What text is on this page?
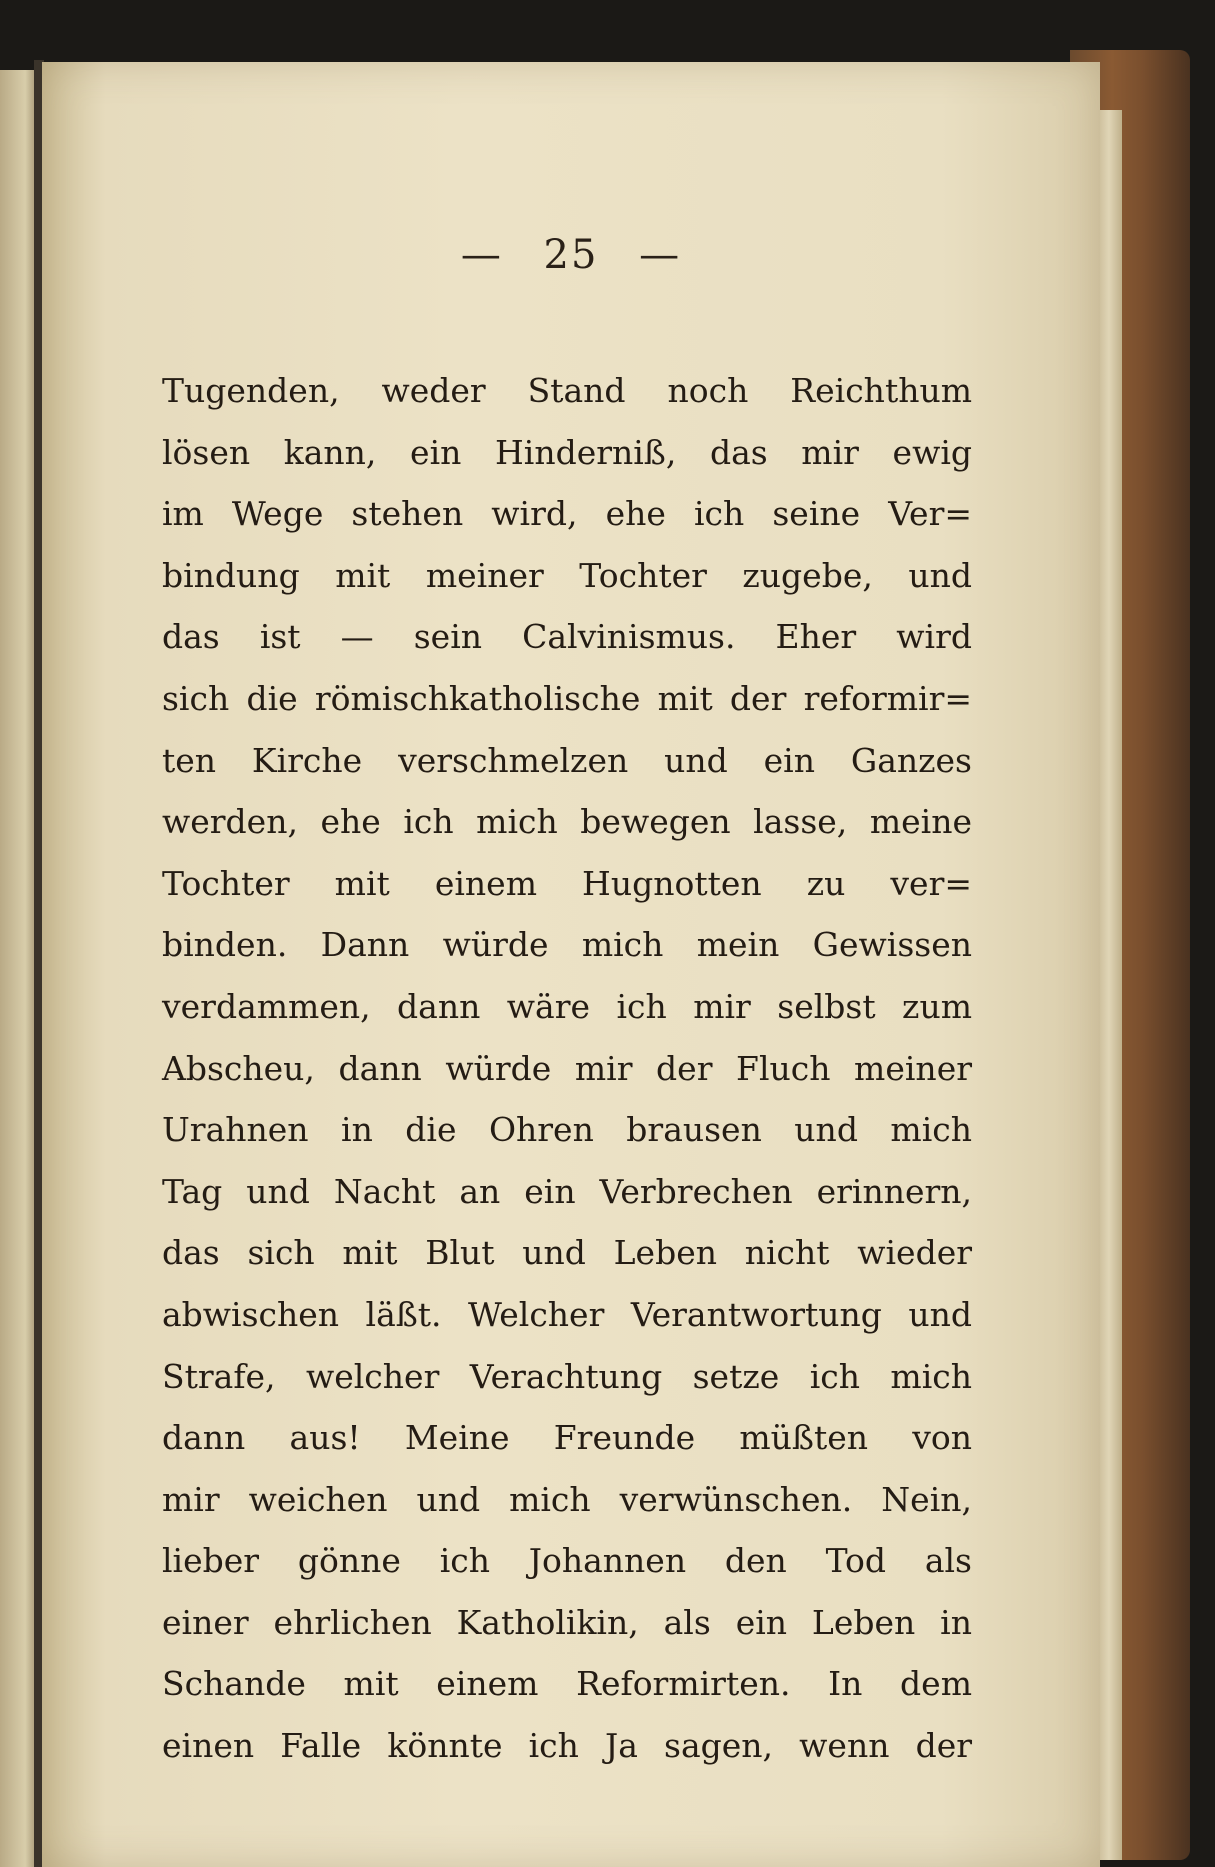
— 25 —
Tugenden, weder Stand noch Reichthum
lösen kann, ein Hinderniß, das mir ewig
im Wege stehen wird, ehe ich seine Ver=
bindung mit meiner Tochter zugebe, und
das ist — sein Calvinismus. Eher wird
sich die römischkatholische mit der reformir=
ten Kirche verschmelzen und ein Ganzes
werden, ehe ich mich bewegen lasse, meine
Tochter mit einem Hugnotten zu ver=
binden. Dann würde mich mein Gewissen
verdammen, dann wäre ich mir selbst zum
Abscheu, dann würde mir der Fluch meiner
Urahnen in die Ohren brausen und mich
Tag und Nacht an ein Verbrechen erinnern,
das sich mit Blut und Leben nicht wieder
abwischen läßt. Welcher Verantwortung und
Strafe, welcher Verachtung setze ich mich
dann aus! Meine Freunde müßten von
mir weichen und mich verwünschen. Nein,
lieber gönne ich Johannen den Tod als
einer ehrlichen Katholikin, als ein Leben in
Schande mit einem Reformirten. In dem
einen Falle könnte ich Ja sagen, wenn der
